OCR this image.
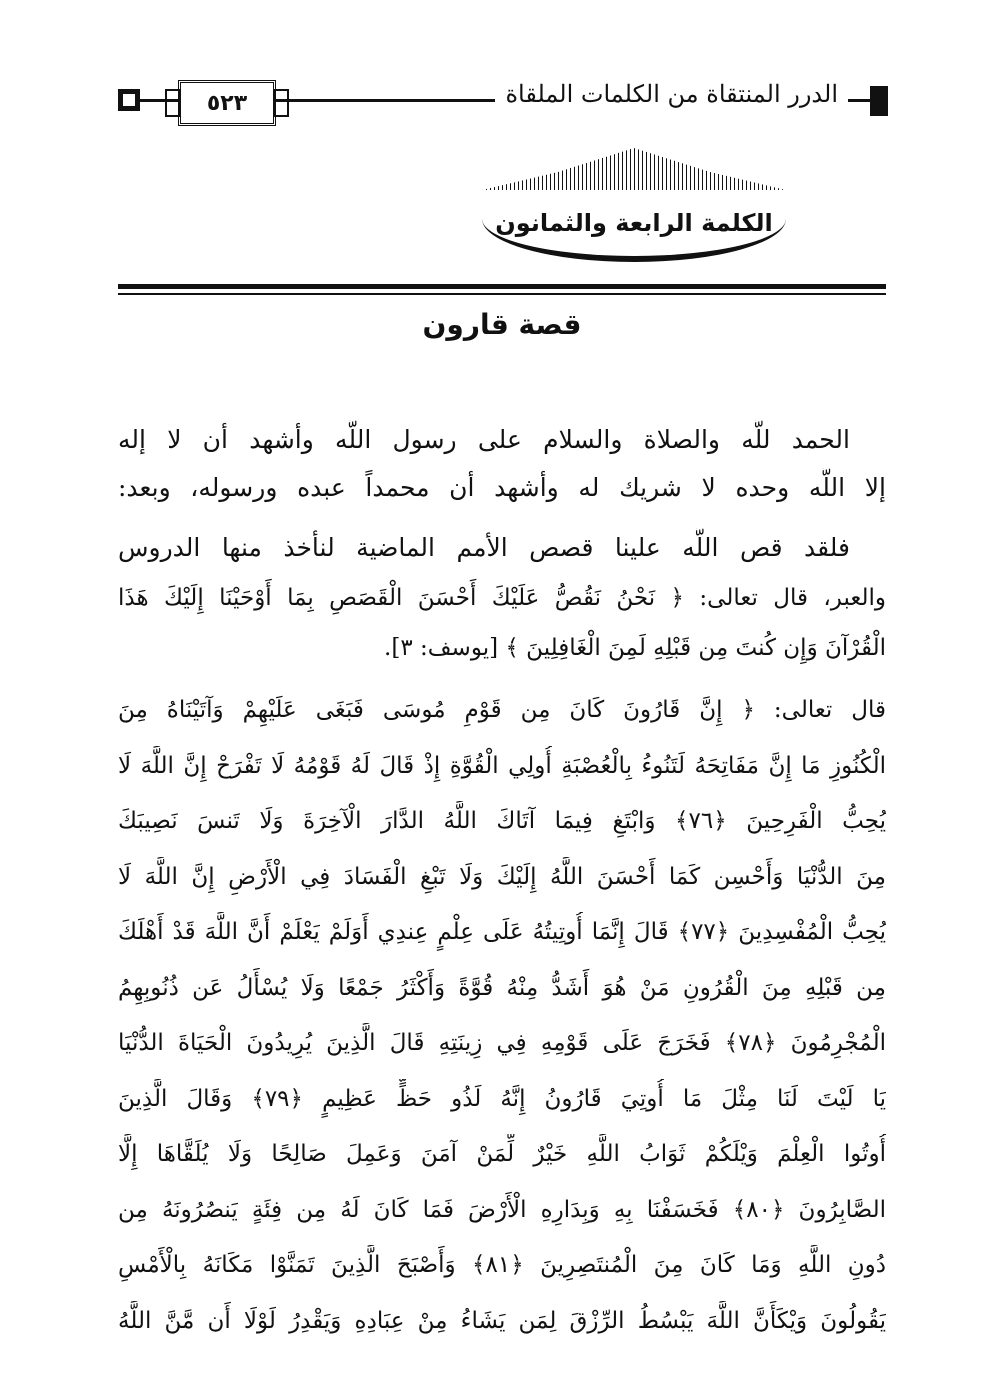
٥٢٣	الدرر المنتقاة من الكلمات الملقاة
الكلمة الرابعة والثمانون
قصة قارون
الحمد للَّه والصلاة والسلام على رسول اللَّه وأشهد أن لا إله
إلا اللَّه وحده لا شريك له وأشهد أن محمداً عبده ورسوله، وبعد:
فلقد قص اللَّه علينا قصص الأمم الماضية لنأخذ منها الدروس
والعبر، قال تعالى: ﴿ نَحْنُ نَقُصُّ عَلَيْكَ أَحْسَنَ الْقَصَصِ بِمَا أَوْحَيْنَا إِلَيْكَ هَذَا
الْقُرْآنَ وَإِن كُنتَ مِن قَبْلِهِ لَمِنَ الْغَافِلِينَ ﴾ [يوسف: ٣].
قال تعالى: ﴿ إِنَّ قَارُونَ كَانَ مِن قَوْمِ مُوسَى فَبَغَى عَلَيْهِمْ وَآتَيْنَاهُ مِنَ
الْكُنُوزِ مَا إِنَّ مَفَاتِحَهُ لَتَنُوءُ بِالْعُصْبَةِ أُولِي الْقُوَّةِ إِذْ قَالَ لَهُ قَوْمُهُ لَا تَفْرَحْ إِنَّ اللَّهَ لَا
يُحِبُّ الْفَرِحِينَ ﴿٧٦﴾ وَابْتَغِ فِيمَا آتَاكَ اللَّهُ الدَّارَ الْآخِرَةَ وَلَا تَنسَ نَصِيبَكَ
مِنَ الدُّنْيَا وَأَحْسِن كَمَا أَحْسَنَ اللَّهُ إِلَيْكَ وَلَا تَبْغِ الْفَسَادَ فِي الْأَرْضِ إِنَّ اللَّهَ لَا
يُحِبُّ الْمُفْسِدِينَ ﴿٧٧﴾ قَالَ إِنَّمَا أُوتِيتُهُ عَلَى عِلْمٍ عِندِي أَوَلَمْ يَعْلَمْ أَنَّ اللَّهَ قَدْ أَهْلَكَ
مِن قَبْلِهِ مِنَ الْقُرُونِ مَنْ هُوَ أَشَدُّ مِنْهُ قُوَّةً وَأَكْثَرُ جَمْعًا وَلَا يُسْأَلُ عَن ذُنُوبِهِمُ
الْمُجْرِمُونَ ﴿٧٨﴾ فَخَرَجَ عَلَى قَوْمِهِ فِي زِينَتِهِ قَالَ الَّذِينَ يُرِيدُونَ الْحَيَاةَ الدُّنْيَا
يَا لَيْتَ لَنَا مِثْلَ مَا أُوتِيَ قَارُونُ إِنَّهُ لَذُو حَظٍّ عَظِيمٍ ﴿٧٩﴾ وَقَالَ الَّذِينَ
أُوتُوا الْعِلْمَ وَيْلَكُمْ ثَوَابُ اللَّهِ خَيْرٌ لِّمَنْ آمَنَ وَعَمِلَ صَالِحًا وَلَا يُلَقَّاهَا إِلَّا
الصَّابِرُونَ ﴿٨٠﴾ فَخَسَفْنَا بِهِ وَبِدَارِهِ الْأَرْضَ فَمَا كَانَ لَهُ مِن فِئَةٍ يَنصُرُونَهُ مِن
دُونِ اللَّهِ وَمَا كَانَ مِنَ الْمُنتَصِرِينَ ﴿٨١﴾ وَأَصْبَحَ الَّذِينَ تَمَنَّوْا مَكَانَهُ بِالْأَمْسِ
يَقُولُونَ وَيْكَأَنَّ اللَّهَ يَبْسُطُ الرِّزْقَ لِمَن يَشَاءُ مِنْ عِبَادِهِ وَيَقْدِرُ لَوْلَا أَن مَّنَّ اللَّهُ
